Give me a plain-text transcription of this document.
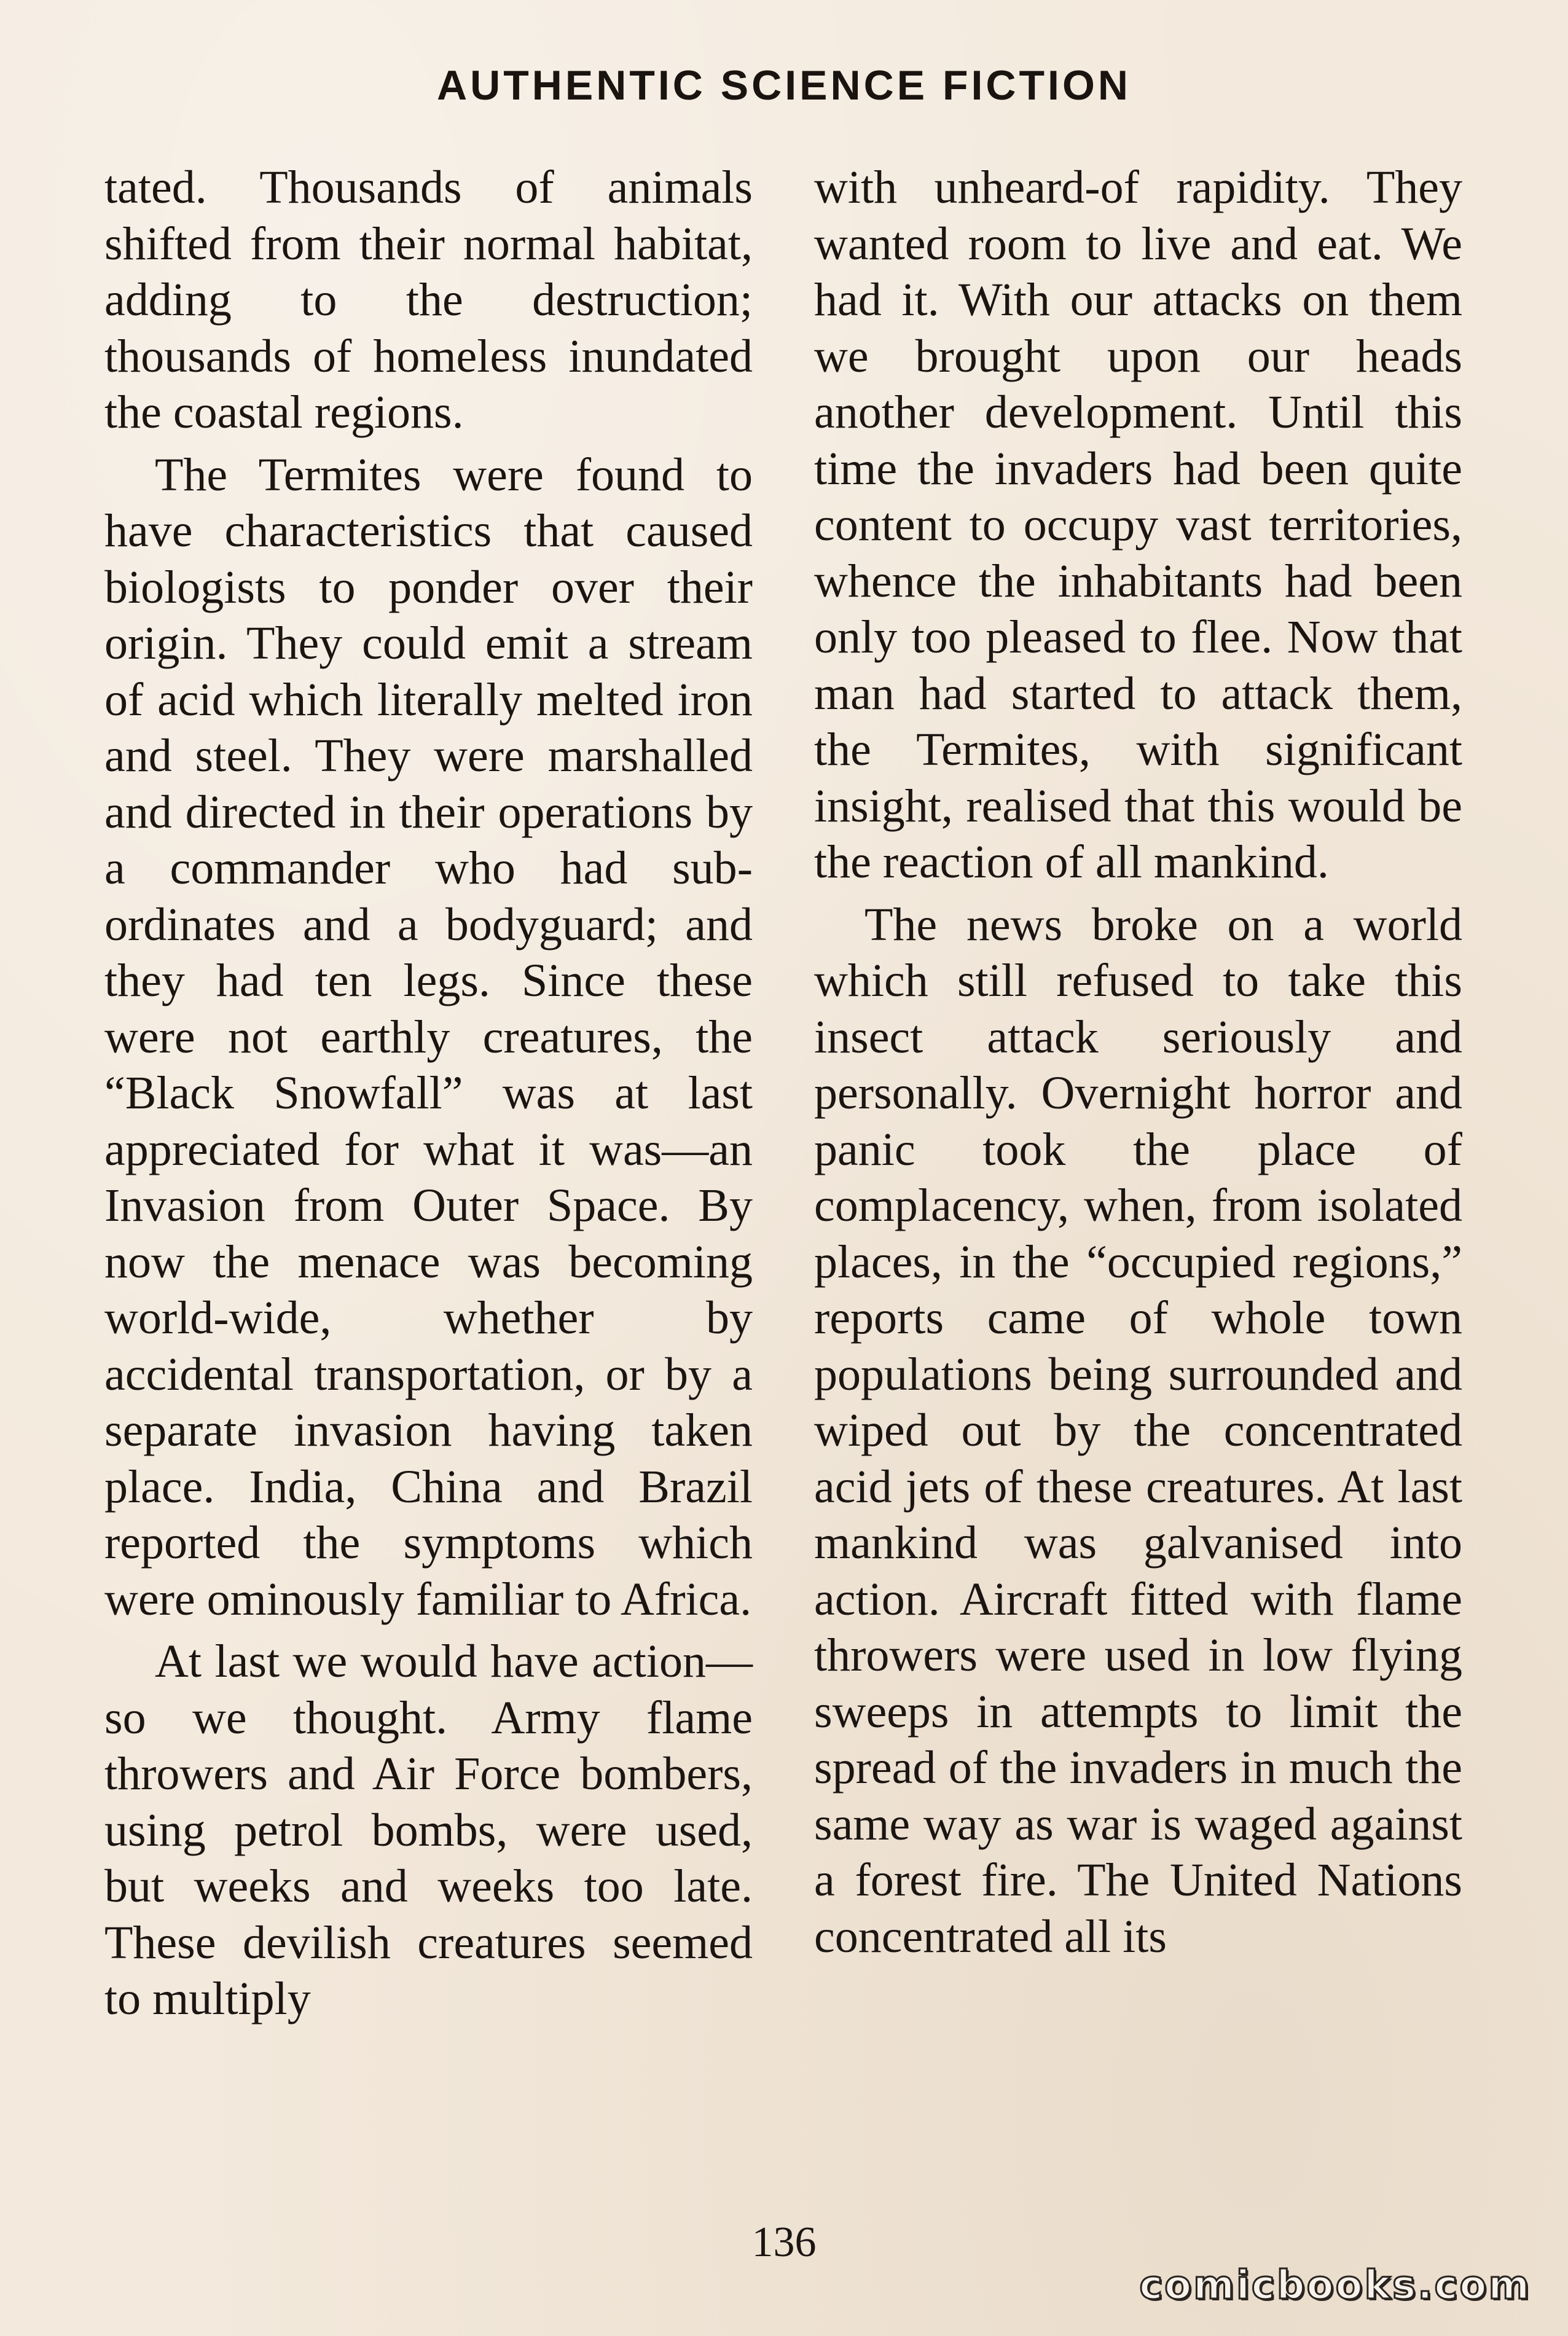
AUTHENTIC SCIENCE FICTION

tated. Thousands of animals shifted from their normal habitat, adding to the destruction; thousands of homeless inundated the coastal regions.

The Termites were found to have characteristics that caused biologists to ponder over their origin. They could emit a stream of acid which literally melted iron and steel. They were marshalled and directed in their operations by a commander who had subordinates and a bodyguard; and they had ten legs. Since these were not earthly creatures, the “Black Snowfall” was at last appreciated for what it was—an Invasion from Outer Space. By now the menace was becoming world-wide, whether by accidental transportation, or by a separate invasion having taken place. India, China and Brazil reported the symptoms which were ominously familiar to Africa.

At last we would have action—so we thought. Army flame throwers and Air Force bombers, using petrol bombs, were used, but weeks and weeks too late. These devilish creatures seemed to multiply

with unheard-of rapidity. They wanted room to live and eat. We had it. With our attacks on them we brought upon our heads another development. Until this time the invaders had been quite content to occupy vast territories, whence the inhabitants had been only too pleased to flee. Now that man had started to attack them, the Termites, with significant insight, realised that this would be the reaction of all mankind.

The news broke on a world which still refused to take this insect attack seriously and personally. Overnight horror and panic took the place of complacency, when, from isolated places, in the “occupied regions,” reports came of whole town populations being surrounded and wiped out by the concentrated acid jets of these creatures. At last mankind was galvanised into action. Aircraft fitted with flame throwers were used in low flying sweeps in attempts to limit the spread of the invaders in much the same way as war is waged against a forest fire. The United Nations concentrated all its

136
comicbooks.com
